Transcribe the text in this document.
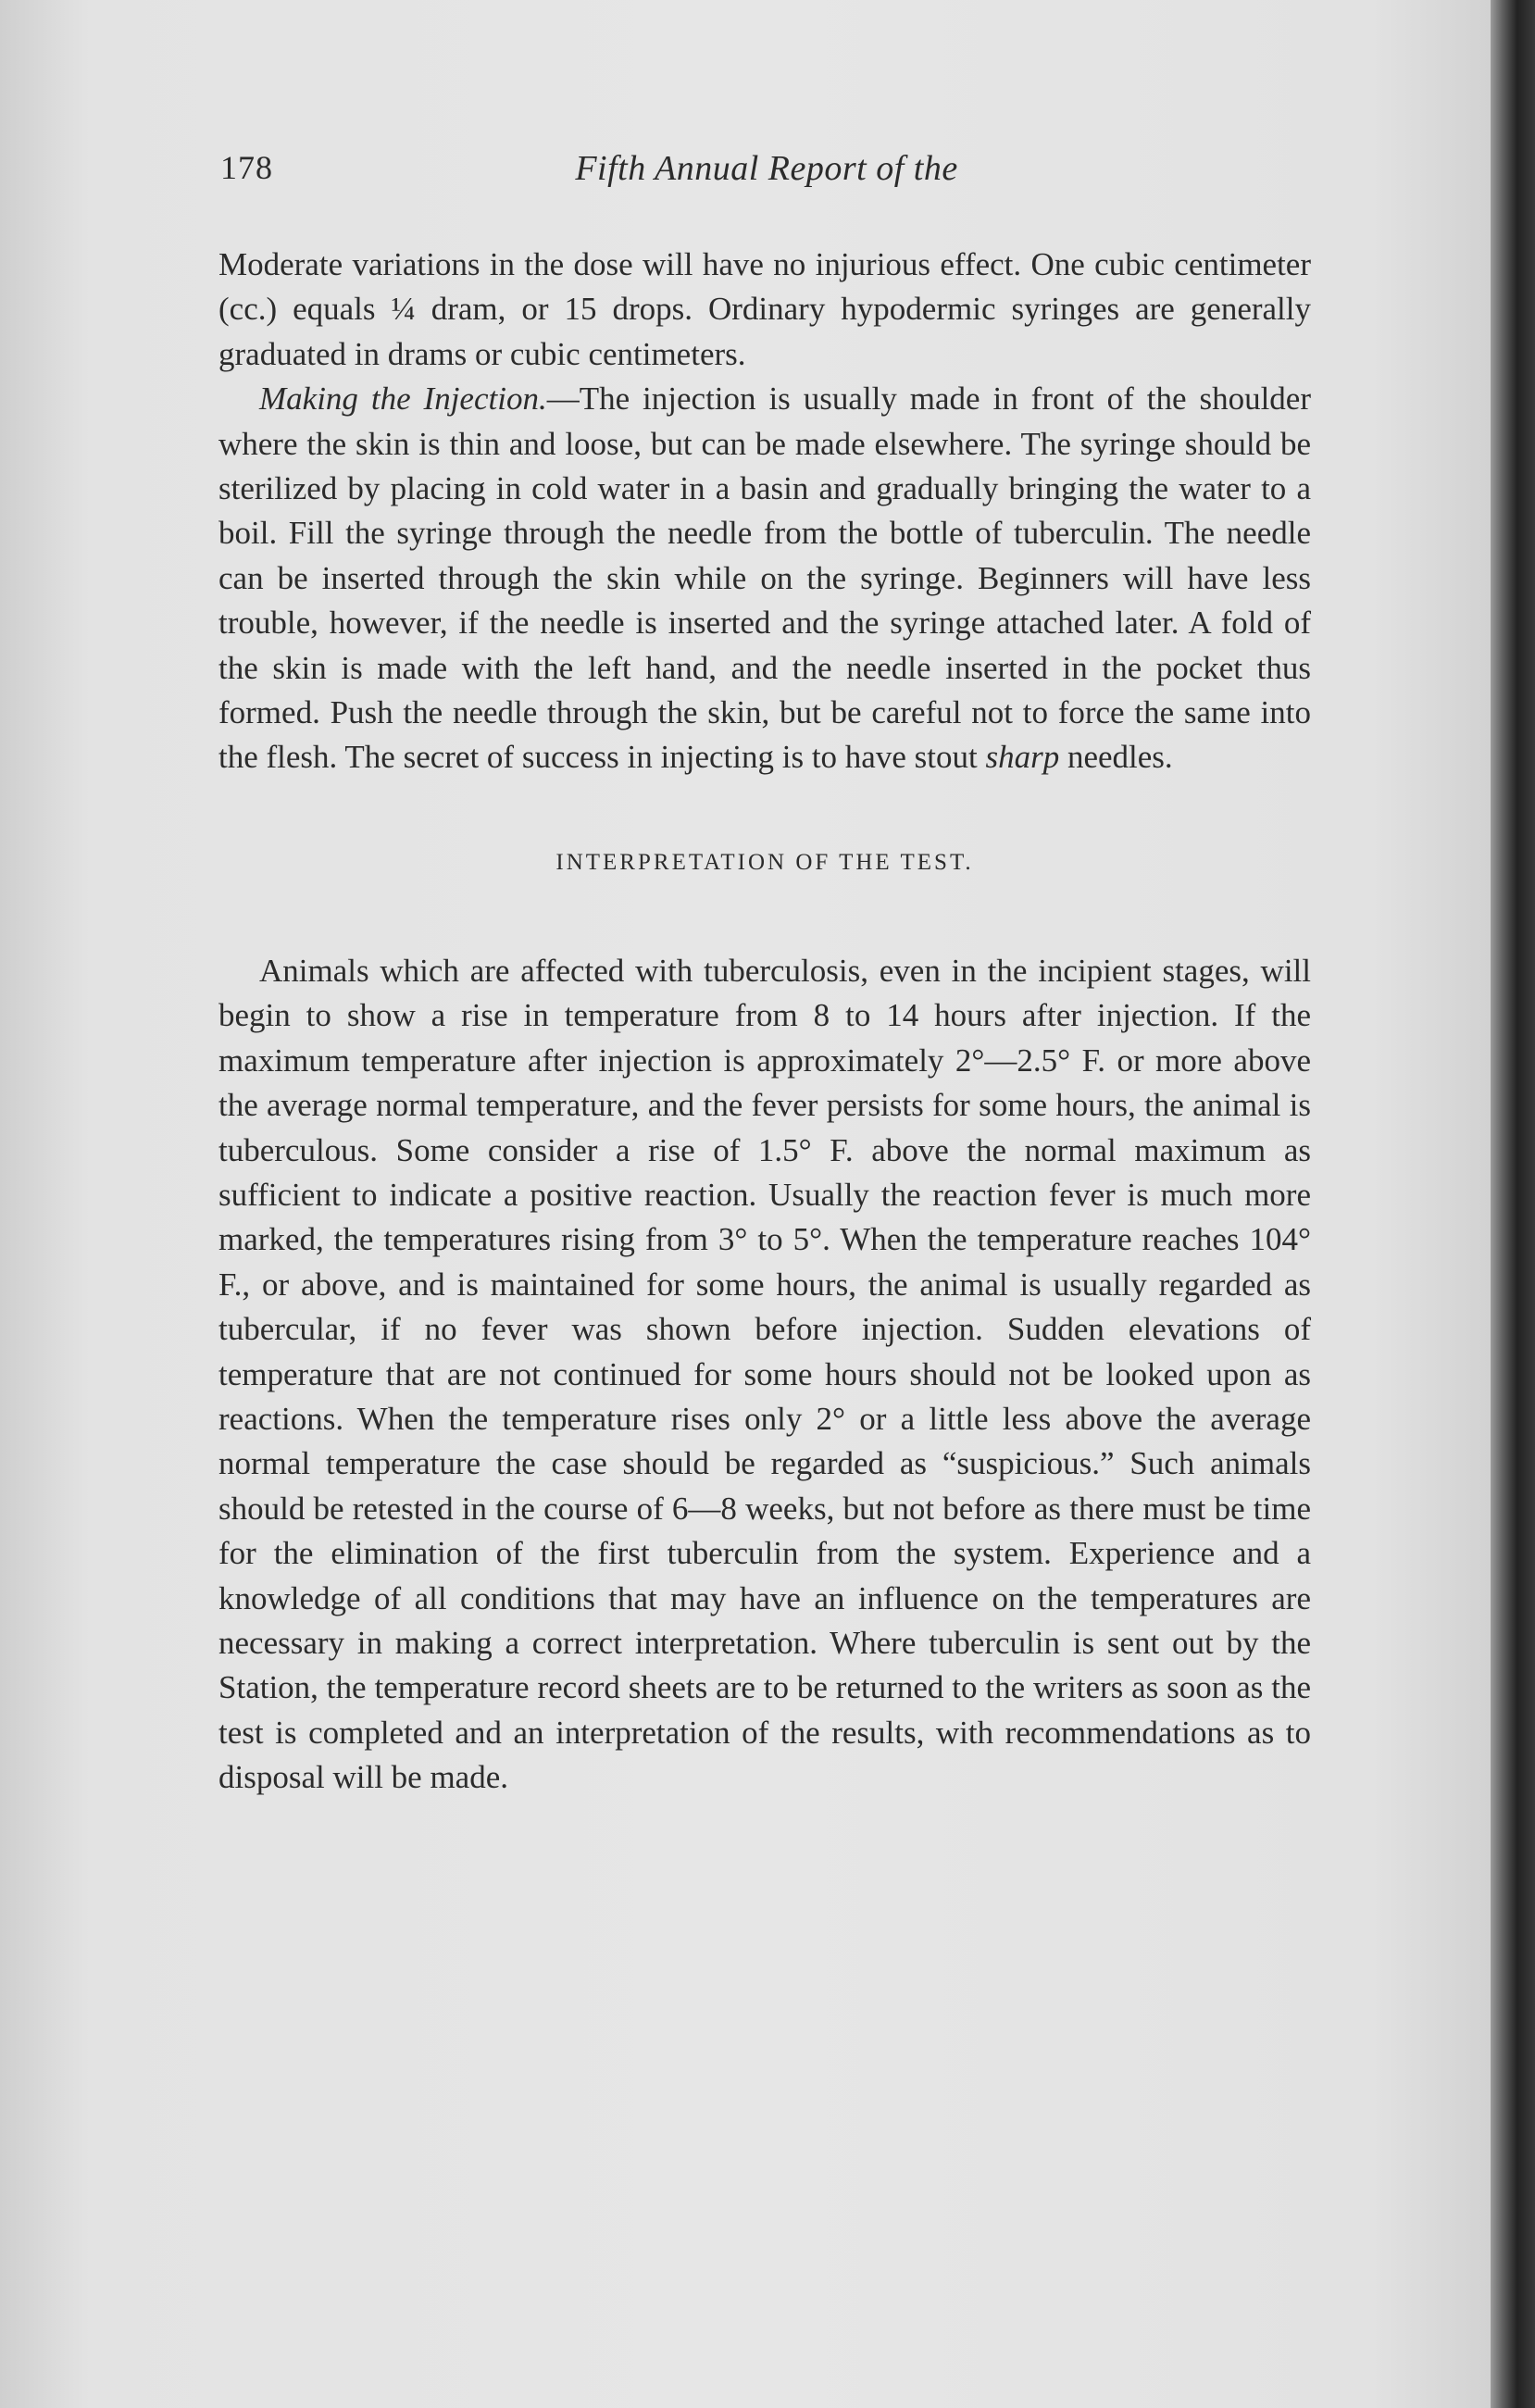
178	Fifth Annual Report of the

Moderate variations in the dose will have no injurious effect. One cubic centimeter (cc.) equals ¼ dram, or 15 drops. Ordinary hypodermic syringes are generally graduated in drams or cubic centimeters.

Making the Injection.—The injection is usually made in front of the shoulder where the skin is thin and loose, but can be made elsewhere. The syringe should be sterilized by placing in cold water in a basin and gradually bringing the water to a boil. Fill the syringe through the needle from the bottle of tuberculin. The needle can be inserted through the skin while on the syringe. Beginners will have less trouble, however, if the needle is inserted and the syringe attached later. A fold of the skin is made with the left hand, and the needle inserted in the pocket thus formed. Push the needle through the skin, but be careful not to force the same into the flesh. The secret of success in injecting is to have stout sharp needles.

INTERPRETATION OF THE TEST.

Animals which are affected with tuberculosis, even in the incipient stages, will begin to show a rise in temperature from 8 to 14 hours after injection. If the maximum temperature after injection is approximately 2°—2.5° F. or more above the average normal temperature, and the fever persists for some hours, the animal is tuberculous. Some consider a rise of 1.5° F. above the normal maximum as sufficient to indicate a positive reaction. Usually the reaction fever is much more marked, the temperatures rising from 3° to 5°. When the temperature reaches 104° F., or above, and is maintained for some hours, the animal is usually regarded as tubercular, if no fever was shown before injection. Sudden elevations of temperature that are not continued for some hours should not be looked upon as reactions. When the temperature rises only 2° or a little less above the average normal temperature the case should be regarded as “suspicious.” Such animals should be retested in the course of 6—8 weeks, but not before as there must be time for the elimination of the first tuberculin from the system. Experience and a knowledge of all conditions that may have an influence on the temperatures are necessary in making a correct interpretation. Where tuberculin is sent out by the Station, the temperature record sheets are to be returned to the writers as soon as the test is completed and an interpretation of the results, with recommendations as to disposal will be made.
